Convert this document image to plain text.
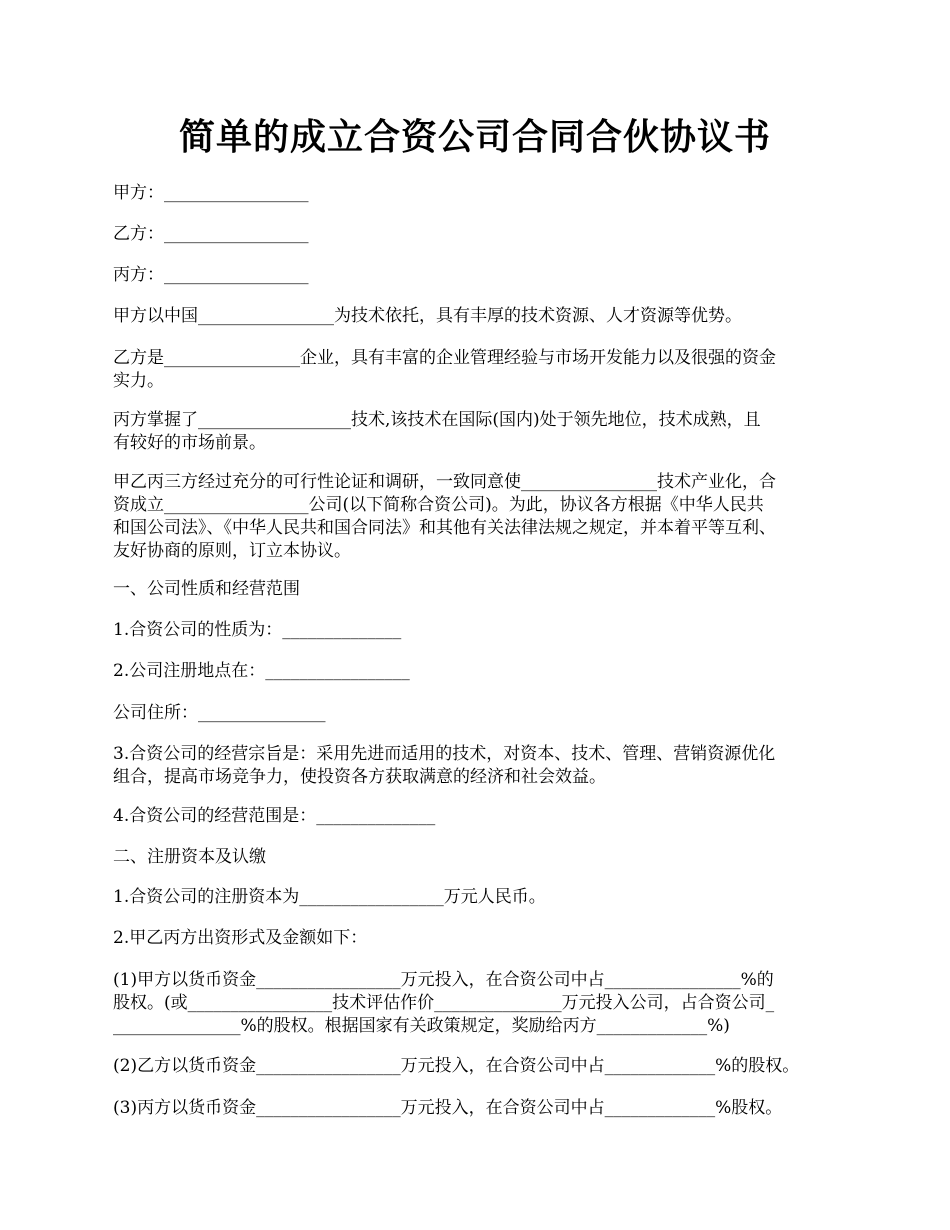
简单的成立合资公司合同合伙协议书
甲方：_________________
乙方：_________________
丙方：_________________
甲方以中国________________为技术依托，具有丰厚的技术资源、人才资源等优势。
乙方是________________企业，具有丰富的企业管理经验与市场开发能力以及很强的资金
实力。
丙方掌握了__________________技术,该技术在国际(国内)处于领先地位，技术成熟，且
有较好的市场前景。
甲乙丙三方经过充分的可行性论证和调研，一致同意使________________技术产业化，合
资成立_________________公司(以下简称合资公司)。为此，协议各方根据《中华人民共
和国公司法》、《中华人民共和国合同法》和其他有关法律法规之规定，并本着平等互利、
友好协商的原则，订立本协议。
一、公司性质和经营范围
1.合资公司的性质为：______________
2.公司注册地点在：_________________
公司住所：_______________
3.合资公司的经营宗旨是：采用先进而适用的技术，对资本、技术、管理、营销资源优化
组合，提高市场竞争力，使投资各方获取满意的经济和社会效益。
4.合资公司的经营范围是：______________
二、注册资本及认缴
1.合资公司的注册资本为_________________万元人民币。
2.甲乙丙方出资形式及金额如下：
(1)甲方以货币资金_________________万元投入，在合资公司中占________________%的
股权。(或_________________技术评估作价_______________万元投入公司，占合资公司_
_______________%的股权。根据国家有关政策规定，奖励给丙方_____________%)
(2)乙方以货币资金_________________万元投入，在合资公司中占_____________%的股权。
(3)丙方以货币资金_________________万元投入，在合资公司中占_____________%股权。
